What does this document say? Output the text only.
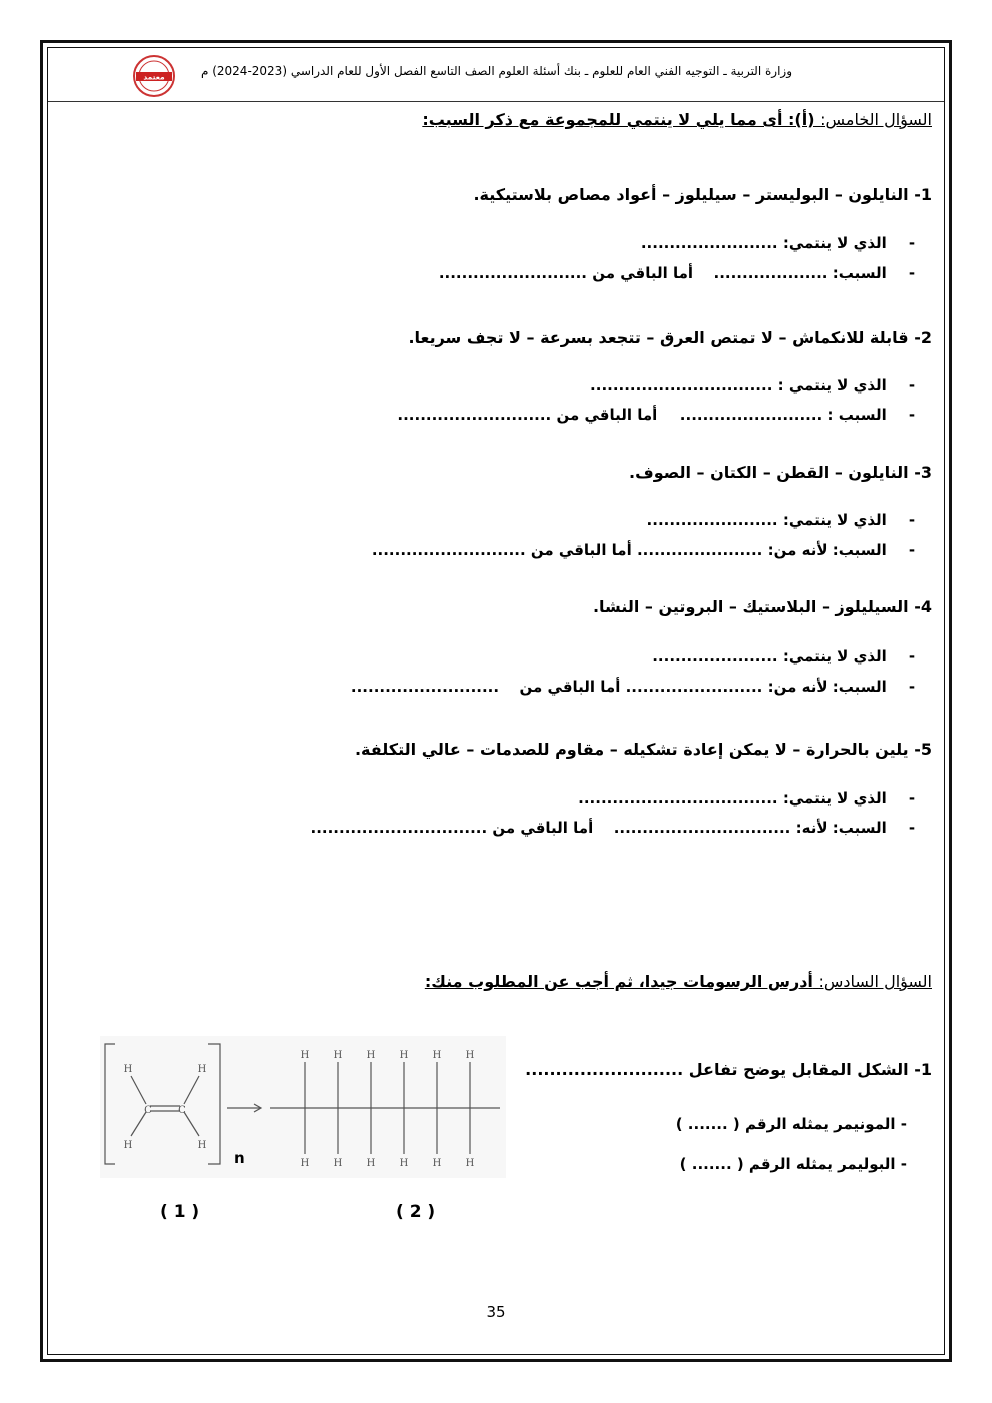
وزارة التربية ـ التوجيه الفني العام للعلوم ـ بنك أسئلة العلوم الصف التاسع الفصل الأول للعام الدراسي (2023-2024) م
معتمد
السؤال الخامس: (أ): أى مما يلي لا ينتمي للمجموعة مع ذكر السبب:
1- النايلون – البوليستر – سيليلوز – أعواد مصاص بلاستيكية.
- الذي لا ينتمي: ........................
- السبب: ....................  أما الباقي من ..........................
2- قابلة للانكماش – لا تمتص العرق – تتجعد بسرعة – لا تجف سريعا.
- الذي لا ينتمي : ................................
- السبب : .........................  أما الباقي من ...........................
3- النايلون – القطن – الكتان – الصوف.
- الذي لا ينتمي: .......................
- السبب: لأنه من: ...................... أما الباقي من ...........................
4- السيليلوز – البلاستيك – البروتين – النشا.
- الذي لا ينتمي: ......................
- السبب: لأنه من: ........................ أما الباقي من  ..........................
5- يلين بالحرارة – لا يمكن إعادة تشكيله – مقاوم للصدمات – عالي التكلفة.
- الذي لا ينتمي: ...................................
- السبب: لأنه: ...............................  أما الباقي من ...............................
السؤال السادس: أدرس الرسومات جيدا، ثم أجب عن المطلوب منك:
1- الشكل المقابل يوضح تفاعل ..........................
- المونيمر يمثله الرقم ( ....... )
- البوليمر يمثله الرقم ( ....... )
H
H
H
H
C	C
H H H H H H
H H H H H H
n
( 1 )	( 2 )
35
